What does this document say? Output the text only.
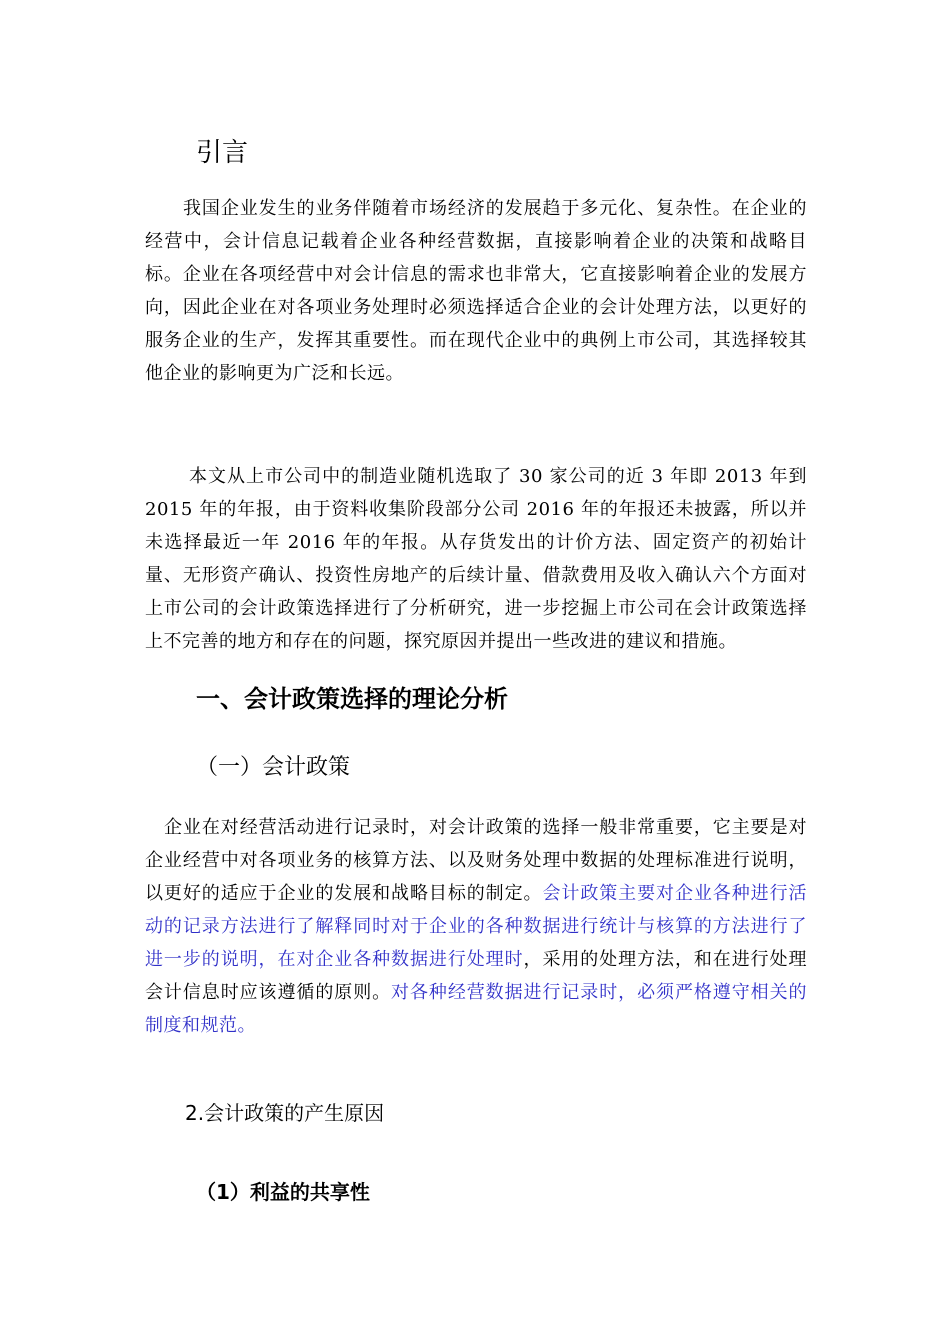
引言

我国企业发生的业务伴随着市场经济的发展趋于多元化、复杂性。在企业的经营中，会计信息记载着企业各种经营数据，直接影响着企业的决策和战略目标。企业在各项经营中对会计信息的需求也非常大，它直接影响着企业的发展方向，因此企业在对各项业务处理时必须选择适合企业的会计处理方法，以更好的服务企业的生产，发挥其重要性。而在现代企业中的典例上市公司，其选择较其他企业的影响更为广泛和长远。

本文从上市公司中的制造业随机选取了 30 家公司的近 3 年即 2013 年到 2015 年的年报，由于资料收集阶段部分公司 2016 年的年报还未披露，所以并未选择最近一年 2016 年的年报。从存货发出的计价方法、固定资产的初始计量、无形资产确认、投资性房地产的后续计量、借款费用及收入确认六个方面对上市公司的会计政策选择进行了分析研究，进一步挖掘上市公司在会计政策选择上不完善的地方和存在的问题，探究原因并提出一些改进的建议和措施。

一、会计政策选择的理论分析
（一）会计政策

企业在对经营活动进行记录时，对会计政策的选择一般非常重要，它主要是对企业经营中对各项业务的核算方法、以及财务处理中数据的处理标准进行说明，以更好的适应于企业的发展和战略目标的制定。会计政策主要对企业各种进行活动的记录方法进行了解释同时对于企业的各种数据进行统计与核算的方法进行了进一步的说明，在对企业各种数据进行处理时，采用的处理方法，和在进行处理会计信息时应该遵循的原则。对各种经营数据进行记录时，必须严格遵守相关的制度和规范。

2.会计政策的产生原因
（1）利益的共享性
